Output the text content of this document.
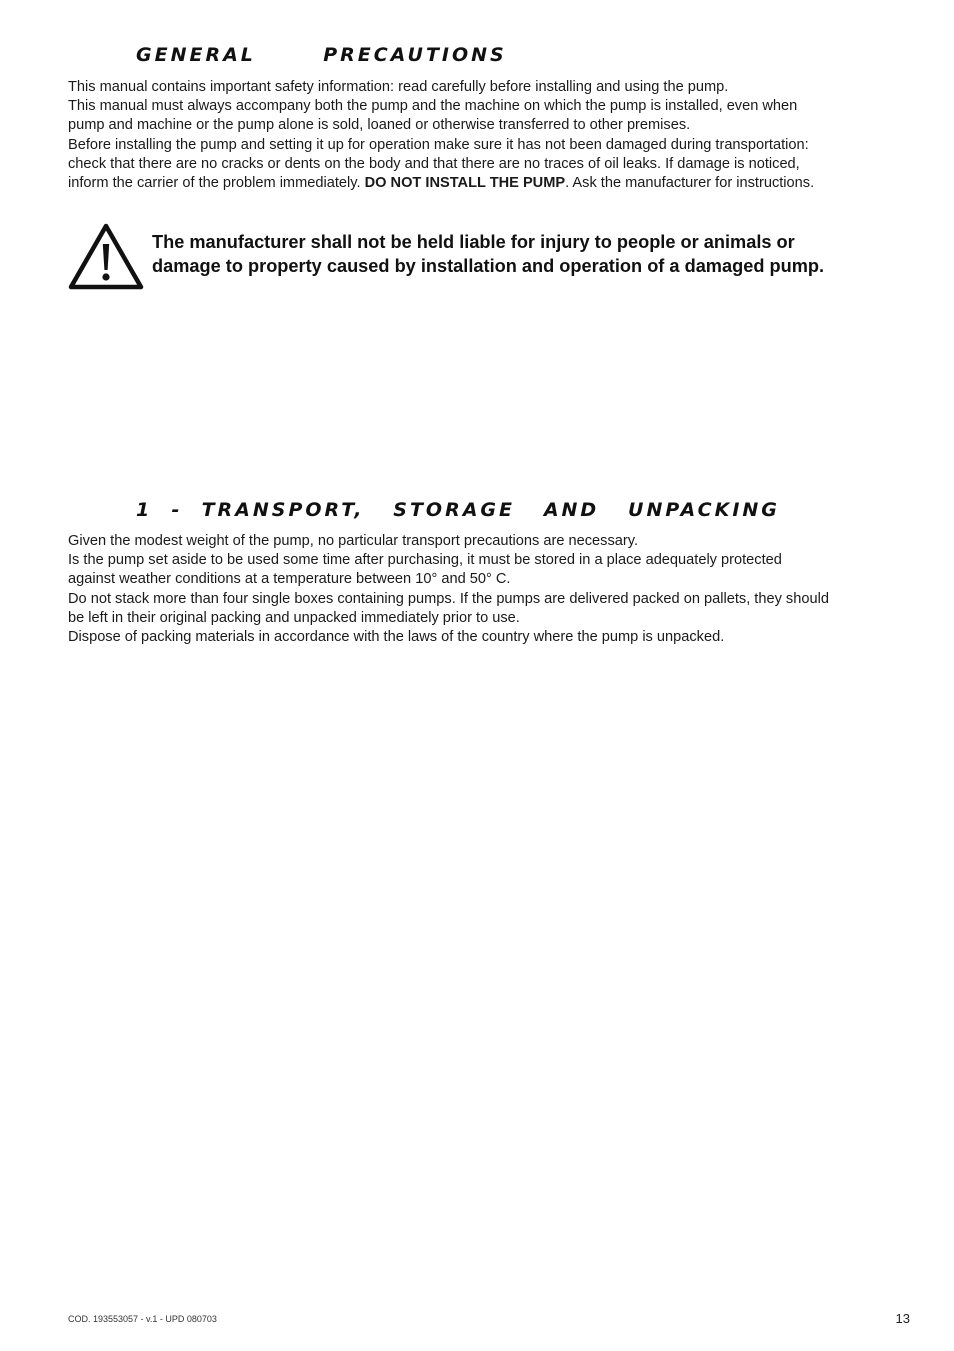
GENERAL       PRECAUTIONS
This manual contains important safety information: read carefully before installing and using the pump.
This manual must always accompany both the pump and the machine on which the pump is installed, even when
pump and machine or the pump alone is sold, loaned or otherwise transferred to other premises.
Before installing the pump and setting it up for operation make sure it has not been damaged during transportation:
check that there are no cracks or dents on the body and that there are no traces of oil leaks. If damage is noticed,
inform the carrier of the problem immediately. DO NOT INSTALL THE PUMP. Ask the manufacturer for instructions.

The manufacturer shall not be held liable for injury to people or animals or
damage to property caused by installation and operation of a damaged pump.

1  -  TRANSPORT,   STORAGE   AND   UNPACKING
Given the modest weight of the pump, no particular transport precautions are necessary.
Is the pump set aside to be used some time after purchasing, it must be stored in a place adequately protected
against weather conditions at a temperature between 10° and 50° C.
Do not stack more than four single boxes containing pumps. If the pumps are delivered packed on pallets, they should
be left in their original packing and unpacked immediately prior to use.
Dispose of packing materials in accordance with the laws of the country where the pump is unpacked.

COD. 193553057 - v.1 - UPD 080703	13
